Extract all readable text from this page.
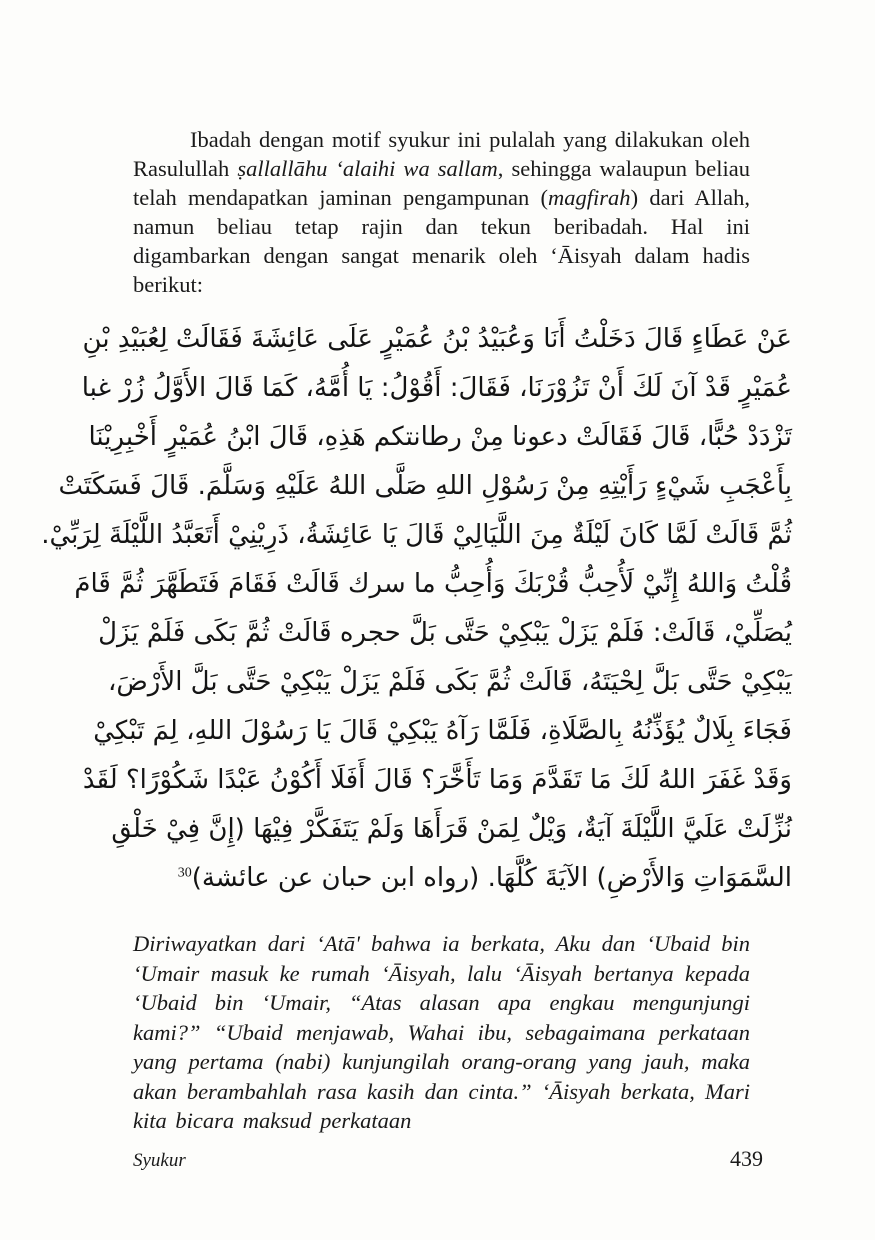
Ibadah dengan motif syukur ini pulalah yang dilakukan oleh Rasulullah ṣallallāhu ‘alaihi wa sallam, sehingga walaupun beliau telah mendapatkan jaminan pengampunan (magfirah) dari Allah, namun beliau tetap rajin dan tekun beribadah. Hal ini digambarkan dengan sangat menarik oleh ‘Āisyah dalam hadis berikut:

عَنْ عَطَاءٍ قَالَ دَخَلْتُ أَنَا وَعُبَيْدُ بْنُ عُمَيْرٍ عَلَى عَائِشَةَ فَقَالَتْ لِعُبَيْدِ بْنِ
عُمَيْرٍ قَدْ آنَ لَكَ أَنْ تَزُوْرَنَا، فَقَالَ: أَقُوْلُ: يَا أُمَّهُ، كَمَا قَالَ الأَوَّلُ زُرْ غبا
تَزْدَدْ حُبًّا، قَالَ فَقَالَتْ دعونا مِنْ رطانتكم هَذِهِ، قَالَ ابْنُ عُمَيْرٍ أَخْبِرِيْنَا
بِأَعْجَبِ شَيْءٍ رَأَيْتِهِ مِنْ رَسُوْلِ اللهِ صَلَّى اللهُ عَلَيْهِ وَسَلَّمَ. قَالَ فَسَكَتَتْ
ثُمَّ قَالَتْ لَمَّا كَانَ لَيْلَةٌ مِنَ اللَّيَالِيْ قَالَ يَا عَائِشَةُ، ذَرِيْنِيْ أَتَعَبَّدُ اللَّيْلَةَ لِرَبِّيْ.
قُلْتُ وَاللهُ إِنِّيْ لَأُحِبُّ قُرْبَكَ وَأُحِبُّ ما سرك قَالَتْ فَقَامَ فَتَطَهَّرَ ثُمَّ قَامَ
يُصَلِّيْ، قَالَتْ: فَلَمْ يَزَلْ يَبْكِيْ حَتَّى بَلَّ حجره قَالَتْ ثُمَّ بَكَى فَلَمْ يَزَلْ
يَبْكِيْ حَتَّى بَلَّ لِحْيَتَهُ، قَالَتْ ثُمَّ بَكَى فَلَمْ يَزَلْ يَبْكِيْ حَتَّى بَلَّ الأَرْضَ،
فَجَاءَ بِلَالٌ يُؤَذِّنُهُ بِالصَّلَاةِ، فَلَمَّا رَآهُ يَبْكِيْ قَالَ يَا رَسُوْلَ اللهِ، لِمَ تَبْكِيْ
وَقَدْ غَفَرَ اللهُ لَكَ مَا تَقَدَّمَ وَمَا تَأَخَّرَ؟ قَالَ أَفَلَا أَكُوْنُ عَبْدًا شَكُوْرًا؟ لَقَدْ
نُزِّلَتْ عَلَيَّ اللَّيْلَةَ آيَةٌ، وَيْلٌ لِمَنْ قَرَأَهَا وَلَمْ يَتَفَكَّرْ فِيْهَا (إِنَّ فِيْ خَلْقِ
السَّمَوَاتِ وَالأَرْضِ) الآيَةَ كُلَّهَا. (رواه ابن حبان عن عائشة)$^{30}$

Diriwayatkan dari ‘Atā' bahwa ia berkata, Aku dan ‘Ubaid bin ‘Umair masuk ke rumah ‘Āisyah, lalu ‘Āisyah bertanya kepada ‘Ubaid bin ‘Umair, “Atas alasan apa engkau mengunjungi kami?” “Ubaid menjawab, Wahai ibu, sebagaimana perkataan yang pertama (nabi) kunjungilah orang-orang yang jauh, maka akan berambahlah rasa kasih dan cinta.” ‘Āisyah berkata, Mari kita bicara maksud perkataan

Syukur	439
